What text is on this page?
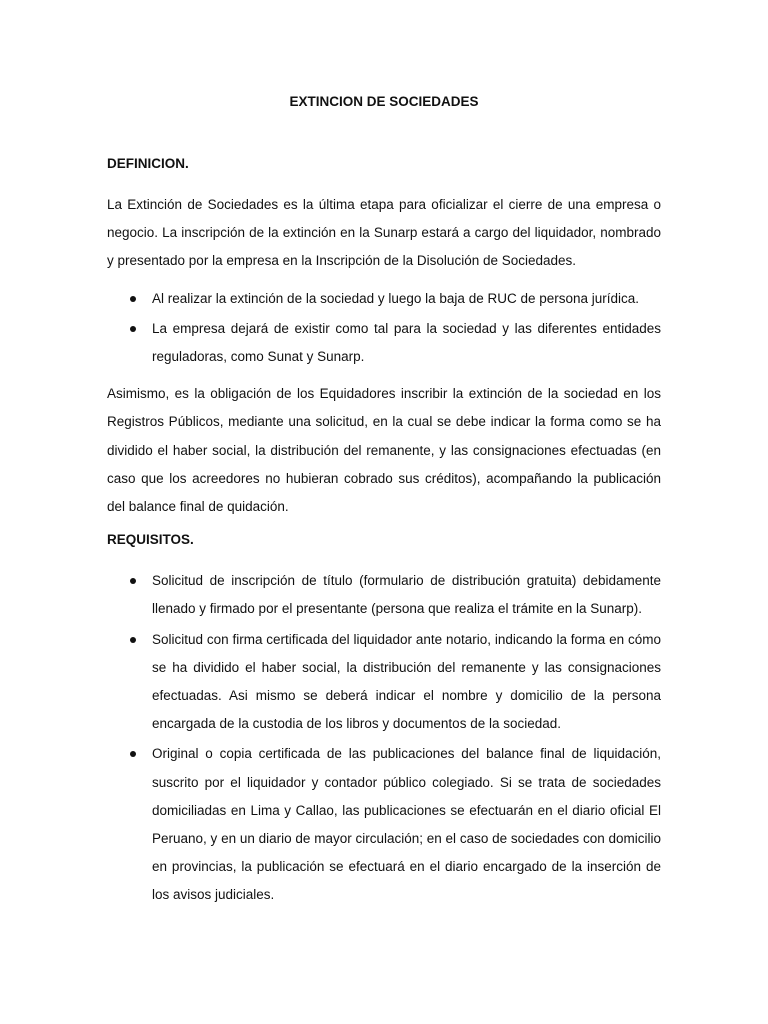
EXTINCION DE SOCIEDADES
DEFINICION.

La Extinción de Sociedades es la última etapa para oficializar el cierre de una empresa o negocio. La inscripción de la extinción en la Sunarp estará a cargo del liquidador, nombrado y presentado por la empresa en la Inscripción de la Disolución de Sociedades.

Al realizar la extinción de la sociedad y luego la baja de RUC de persona jurídica.
La empresa dejará de existir como tal para la sociedad y las diferentes entidades reguladoras, como Sunat y Sunarp.

Asimismo, es la obligación de los Equidadores inscribir la extinción de la sociedad en los Registros Públicos, mediante una solicitud, en la cual se debe indicar la forma como se ha dividido el haber social, la distribución del remanente, y las consignaciones efectuadas (en caso que los acreedores no hubieran cobrado sus créditos), acompañando la publicación del balance final de quidación.

REQUISITOS.
Solicitud de inscripción de título (formulario de distribución gratuita) debidamente llenado y firmado por el presentante (persona que realiza el trámite en la Sunarp).
Solicitud con firma certificada del liquidador ante notario, indicando la forma en cómo se ha dividido el haber social, la distribución del remanente y las consignaciones efectuadas. Asi mismo se deberá indicar el nombre y domicilio de la persona encargada de la custodia de los libros y documentos de la sociedad.
Original o copia certificada de las publicaciones del balance final de liquidación, suscrito por el liquidador y contador público colegiado. Si se trata de sociedades domiciliadas en Lima y Callao, las publicaciones se efectuarán en el diario oficial El Peruano, y en un diario de mayor circulación; en el caso de sociedades con domicilio en provincias, la publicación se efectuará en el diario encargado de la inserción de los avisos judiciales.
